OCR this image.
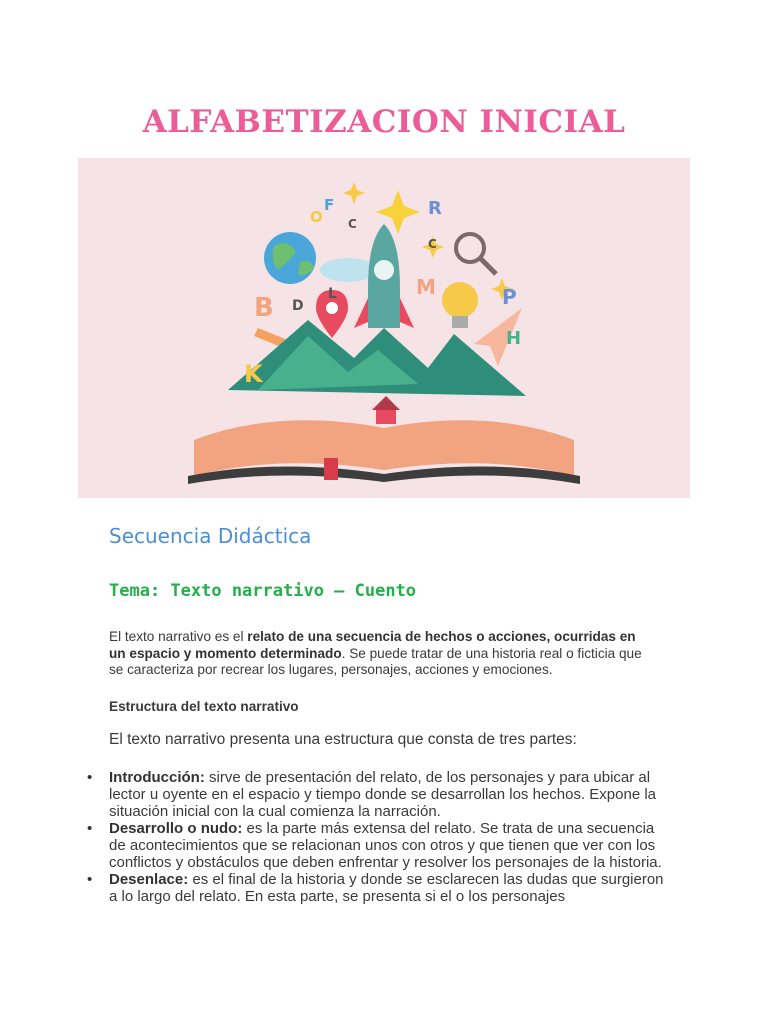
ALFABETIZACION INICIAL
O
F	R
C
C
B D
L	M	P
H
K
Secuencia Didáctica
Tema: Texto narrativo – Cuento

El texto narrativo es el relato de una secuencia de hechos o acciones, ocurridas en un espacio y momento determinado. Se puede tratar de una historia real o ficticia que se caracteriza por recrear los lugares, personajes, acciones y emociones.

Estructura del texto narrativo

El texto narrativo presenta una estructura que consta de tres partes:

• Introducción: sirve de presentación del relato, de los personajes y para ubicar al lector u oyente en el espacio y tiempo donde se desarrollan los hechos. Expone la situación inicial con la cual comienza la narración.
• Desarrollo o nudo: es la parte más extensa del relato. Se trata de una secuencia de acontecimientos que se relacionan unos con otros y que tienen que ver con los conflictos y obstáculos que deben enfrentar y resolver los personajes de la historia.
• Desenlace: es el final de la historia y donde se esclarecen las dudas que surgieron a lo largo del relato. En esta parte, se presenta si el o los personajes
